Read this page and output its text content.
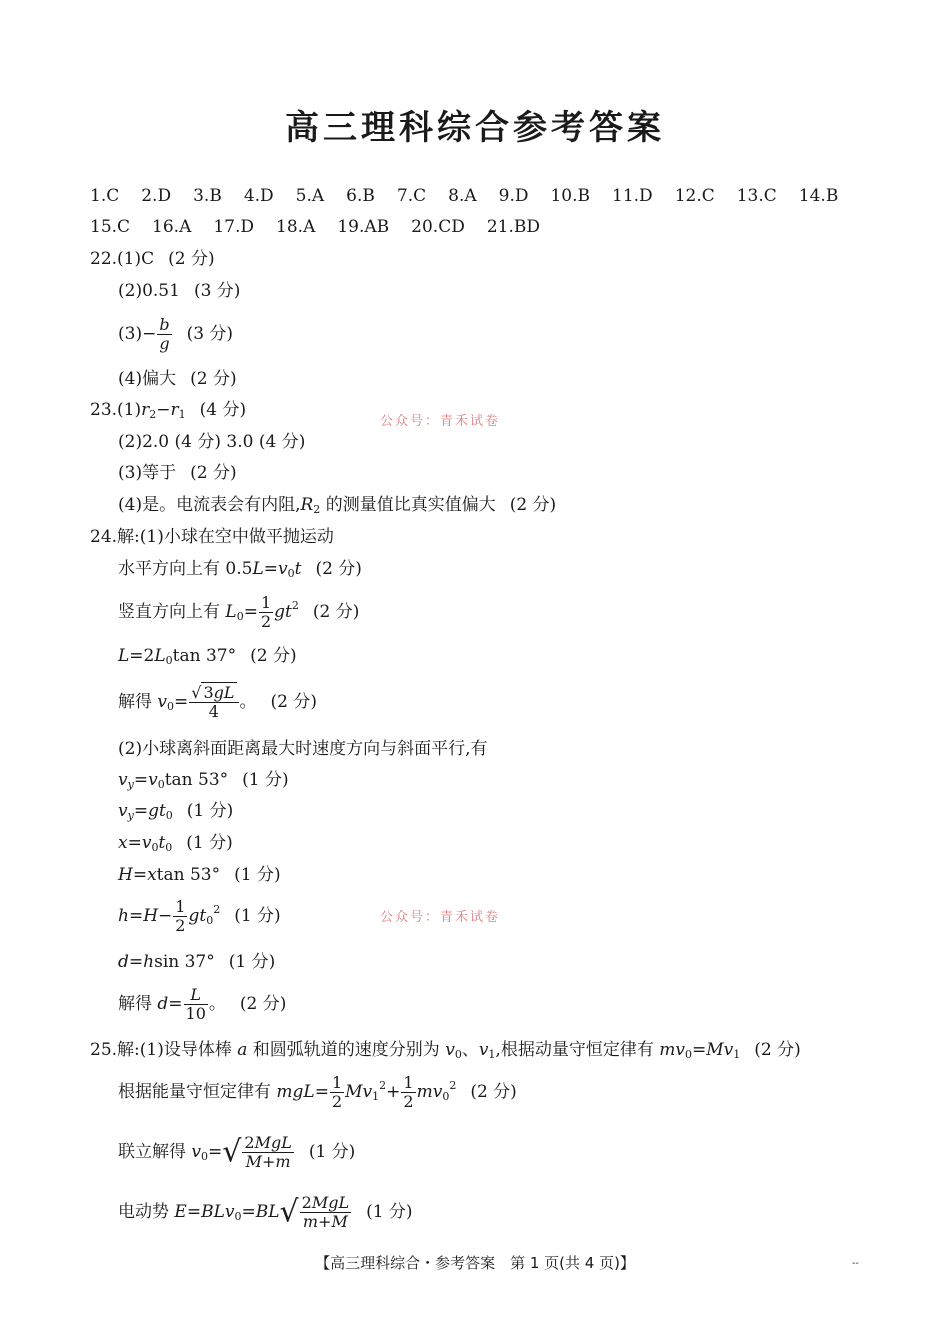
高三理科综合参考答案
1.C 2.D 3.B 4.D 5.A 6.B 7.C 8.A 9.D 10.B 11.D 12.C 13.C 14.B
15.C 16.A 17.D 18.A 19.AB 20.CD 21.BD
22.(1)C (2 分)
(2)0.51 (3 分)
$(3)- \frac{b}{g} (3$ 分)
(4)偏大 (2 分)
$23.(1)r_2-r_1$ (4 分)
公众号：青禾试卷
(2)2.0 (4 分) 3.0 (4 分)
(3)等于 (2 分)
(4)是。电流表会有内阻$,R_2$ 的测量值比真实值偏大 (2 分)
24.解:(1)小球在空中做平抛运动
水平方向上有 $0.5L=v_0t$ (2 分)
竖直方向上有 $L_0= \frac{1}{2} gt^2$ (2 分)
$L=2L_0\tan$ 37° (2 分)
解得 $v_0= \frac{√ 3gL}{4}$ 。 (2 分)
(2)小球离斜面距离最大时速度方向与斜面平行,有
$v_y=v_0\tan$ 53° (1 分)
$v_y=gt_0$ (1 分)
$x=v_0t_0$ (1 分)
H=xtan 53° (1 分)
$h=H- \frac{1}{2} gt_0^2$ (1 分)	公众号：青禾试卷
d=hsin 37° (1 分)
解得 $d= \frac{L}{10}$ 。 (2 分)
25.解:(1)设导体棒 a 和圆弧轨道的速度分别为 $v_0$、$v_1$,根据动量守恒定律有 $mv_0=Mv_1$ (2 分)
根据能量守恒定律有 $mgL= \frac{1}{2} Mv_1^2+ \frac{1}{2} mv_0^2$ (2 分)
联立解得 $v_0=√ \frac{\text{2MgL}}{M+m} (1$ 分)
电动势 $E=BLv_0=BL√ \frac{\text{2MgL}}{m+M} (1$ 分)
【高三理科综合・参考答案　第 1 页(共 4 页)】	--
